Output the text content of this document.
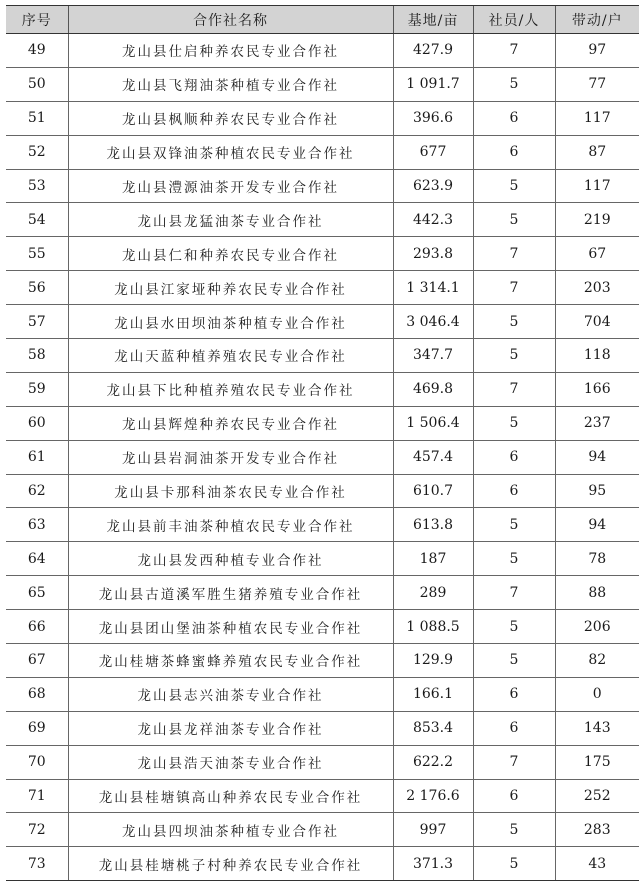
序号	合作社名称	基地/亩	社员/人	带动/户
49	龙山县仕启种养农民专业合作社	427.9	7	97
50	龙山县飞翔油茶种植专业合作社	1 091.7	5	77
51	龙山县枫顺种养农民专业合作社	396.6	6	117
52	龙山县双锋油茶种植农民专业合作社	677	6	87
53	龙山县澧源油茶开发专业合作社	623.9	5	117
54	龙山县龙猛油茶专业合作社	442.3	5	219
55	龙山县仁和种养农民专业合作社	293.8	7	67
56	龙山县江家垭种养农民专业合作社	1 314.1	7	203
57	龙山县水田坝油茶种植专业合作社	3 046.4	5	704
58	龙山天蓝种植养殖农民专业合作社	347.7	5	118
59	龙山县下比种植养殖农民专业合作社	469.8	7	166
60	龙山县辉煌种养农民专业合作社	1 506.4	5	237
61	龙山县岩洞油茶开发专业合作社	457.4	6	94
62	龙山县卡那科油茶农民专业合作社	610.7	6	95
63	龙山县前丰油茶种植农民专业合作社	613.8	5	94
64	龙山县发西种植专业合作社	187	5	78
65	龙山县古道溪军胜生猪养殖专业合作社	289	7	88
66	龙山县团山堡油茶种植农民专业合作社	1 088.5	5	206
67	龙山桂塘茶蜂蜜蜂养殖农民专业合作社	129.9	5	82
68	龙山县志兴油茶专业合作社	166.1	6	0
69	龙山县龙祥油茶专业合作社	853.4	6	143
70	龙山县浩天油茶专业合作社	622.2	7	175
71	龙山县桂塘镇高山种养农民专业合作社	2 176.6	6	252
72	龙山县四坝油茶种植专业合作社	997	5	283
73	龙山县桂塘桃子村种养农民专业合作社	371.3	5	43
